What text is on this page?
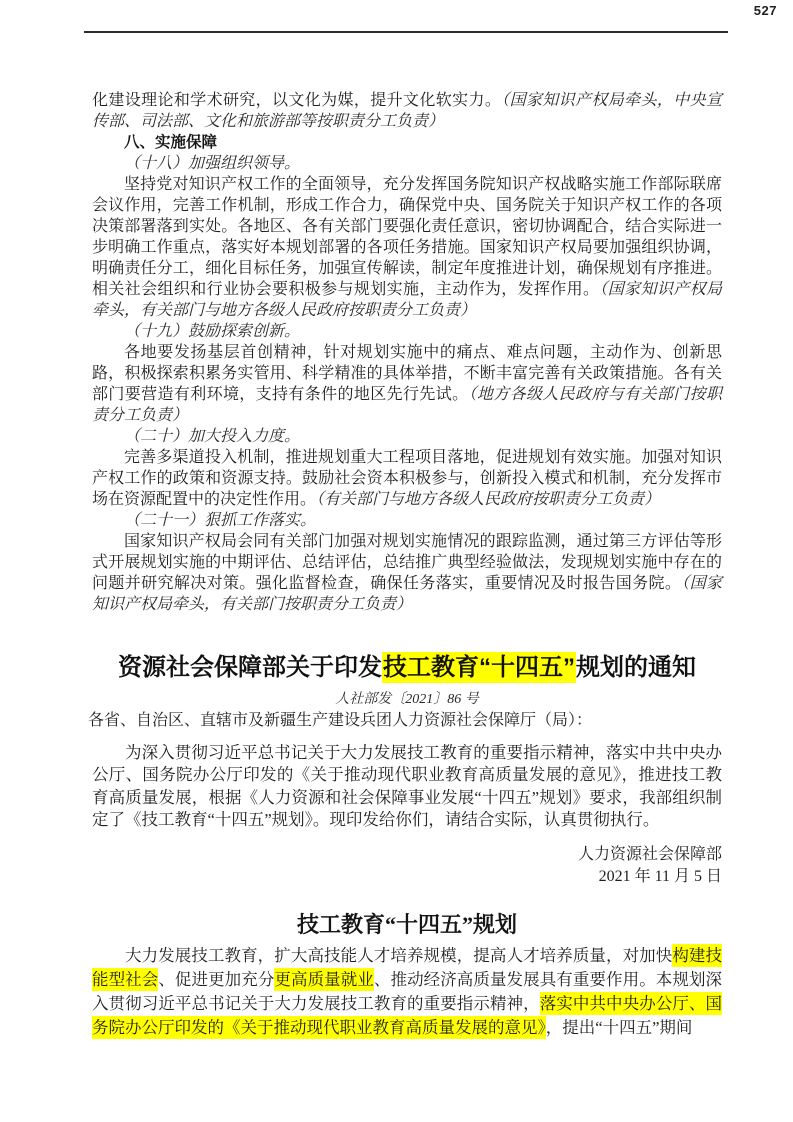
527

化建设理论和学术研究，以文化为媒，提升文化软实力。（国家知识产权局牵头，中央宣传部、司法部、文化和旅游部等按职责分工负责）

八、实施保障

（十八）加强组织领导。

坚持党对知识产权工作的全面领导，充分发挥国务院知识产权战略实施工作部际联席会议作用，完善工作机制，形成工作合力，确保党中央、国务院关于知识产权工作的各项决策部署落到实处。各地区、各有关部门要强化责任意识，密切协调配合，结合实际进一步明确工作重点，落实好本规划部署的各项任务措施。国家知识产权局要加强组织协调，明确责任分工，细化目标任务，加强宣传解读，制定年度推进计划，确保规划有序推进。相关社会组织和行业协会要积极参与规划实施，主动作为，发挥作用。（国家知识产权局牵头，有关部门与地方各级人民政府按职责分工负责）

（十九）鼓励探索创新。

各地要发扬基层首创精神，针对规划实施中的痛点、难点问题，主动作为、创新思路，积极探索积累务实管用、科学精准的具体举措，不断丰富完善有关政策措施。各有关部门要营造有利环境，支持有条件的地区先行先试。（地方各级人民政府与有关部门按职责分工负责）

（二十）加大投入力度。

完善多渠道投入机制，推进规划重大工程项目落地，促进规划有效实施。加强对知识产权工作的政策和资源支持。鼓励社会资本积极参与，创新投入模式和机制，充分发挥市场在资源配置中的决定性作用。（有关部门与地方各级人民政府按职责分工负责）

（二十一）狠抓工作落实。

国家知识产权局会同有关部门加强对规划实施情况的跟踪监测，通过第三方评估等形式开展规划实施的中期评估、总结评估，总结推广典型经验做法，发现规划实施中存在的问题并研究解决对策。强化监督检查，确保任务落实，重要情况及时报告国务院。（国家知识产权局牵头，有关部门按职责分工负责）

资源社会保障部关于印发技工教育“十四五”规划的通知
人社部发〔2021〕86 号
各省、自治区、直辖市及新疆生产建设兵团人力资源社会保障厅（局）：
为深入贯彻习近平总书记关于大力发展技工教育的重要指示精神，落实中共中央办公厅、国务院办公厅印发的《关于推动现代职业教育高质量发展的意见》，推进技工教育高质量发展，根据《人力资源和社会保障事业发展“十四五”规划》要求，我部组织制定了《技工教育“十四五”规划》。现印发给你们，请结合实际，认真贯彻执行。
人力资源社会保障部
2021 年 11 月 5 日
技工教育“十四五”规划
大力发展技工教育，扩大高技能人才培养规模，提高人才培养质量，对加快构建技能型社会、促进更加充分更高质量就业、推动经济高质量发展具有重要作用。本规划深入贯彻习近平总书记关于大力发展技工教育的重要指示精神，落实中共中央办公厅、国务院办公厅印发的《关于推动现代职业教育高质量发展的意见》，提出“十四五”期间
